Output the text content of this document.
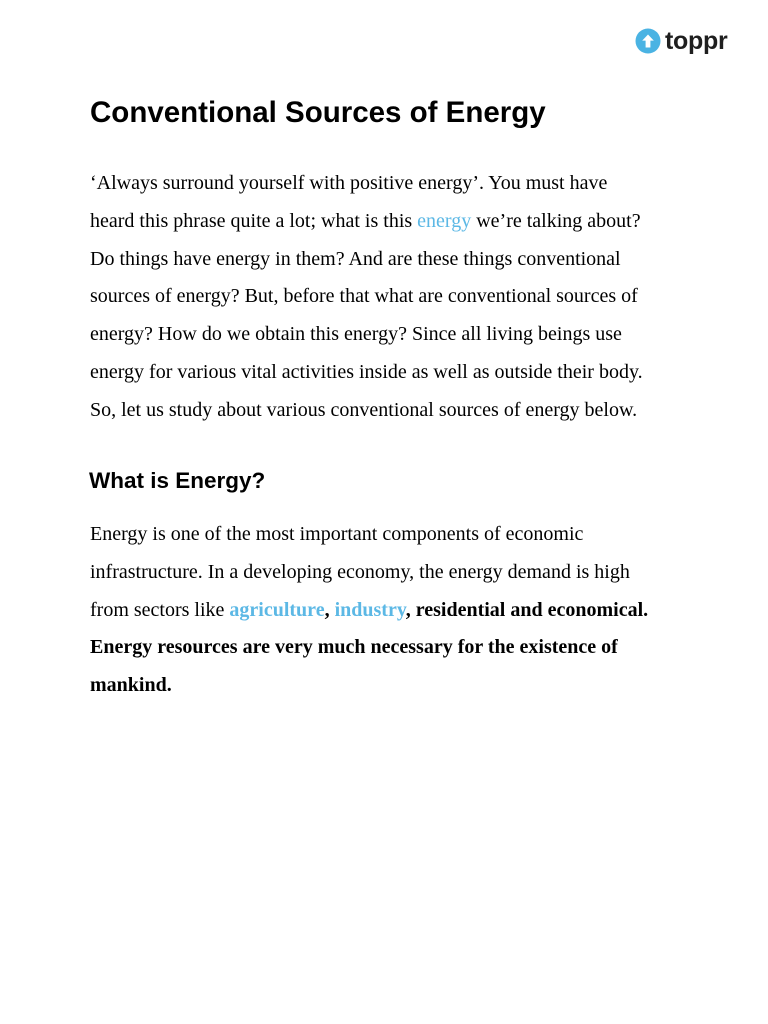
toppr
Conventional Sources of Energy

‘Always surround yourself with positive energy’. You must have
heard this phrase quite a lot; what is this energy we’re talking about?
Do things have energy in them? And are these things conventional
sources of energy? But, before that what are conventional sources of
energy? How do we obtain this energy? Since all living beings use
energy for various vital activities inside as well as outside their body.
So, let us study about various conventional sources of energy below.

What is Energy?

Energy is one of the most important components of economic
infrastructure. In a developing economy, the energy demand is high
from sectors like agriculture, industry, residential and economical.
Energy resources are very much necessary for the existence of
mankind.
